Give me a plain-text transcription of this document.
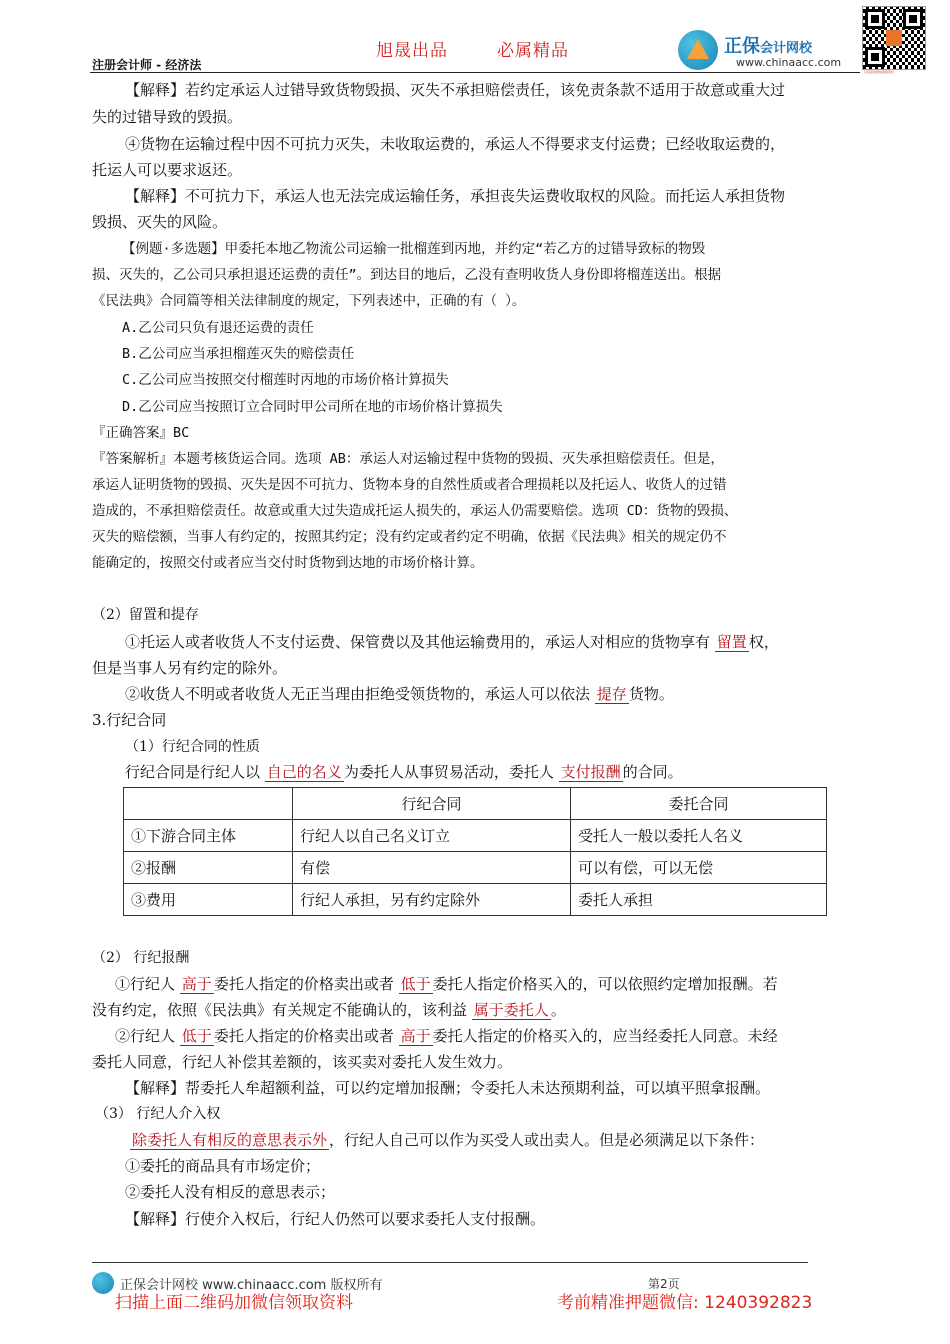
旭晟出品	必属精品
注册会计师 - 经济法
正保会计网校
www.chinaacc.com
扫码添加微信领取资料
【解释】若约定承运人过错导致货物毁损、灭失不承担赔偿责任，该免责条款不适用于故意或重大过
失的过错导致的毁损。
④货物在运输过程中因不可抗力灭失，未收取运费的，承运人不得要求支付运费；已经收取运费的，
托运人可以要求返还。
【解释】不可抗力下，承运人也无法完成运输任务，承担丧失运费收取权的风险。而托运人承担货物
毁损、灭失的风险。
【例题·多选题】甲委托本地乙物流公司运输一批榴莲到丙地，并约定“若乙方的过错导致标的物毁
损、灭失的，乙公司只承担退还运费的责任”。到达目的地后，乙没有查明收货人身份即将榴莲送出。根据
《民法典》合同篇等相关法律制度的规定，下列表述中，正确的有（ ）。
A.乙公司只负有退还运费的责任
B.乙公司应当承担榴莲灭失的赔偿责任
C.乙公司应当按照交付榴莲时丙地的市场价格计算损失
D.乙公司应当按照订立合同时甲公司所在地的市场价格计算损失
『正确答案』BC
『答案解析』本题考核货运合同。选项 AB：承运人对运输过程中货物的毁损、灭失承担赔偿责任。但是，
承运人证明货物的毁损、灭失是因不可抗力、货物本身的自然性质或者合理损耗以及托运人、收货人的过错
造成的，不承担赔偿责任。故意或重大过失造成托运人损失的，承运人仍需要赔偿。选项 CD：货物的毁损、
灭失的赔偿额，当事人有约定的，按照其约定；没有约定或者约定不明确，依据《民法典》相关的规定仍不
能确定的，按照交付或者应当交付时货物到达地的市场价格计算。
（2）留置和提存
①托运人或者收货人不支付运费、保管费以及其他运输费用的，承运人对相应的货物享有 留置 权，
但是当事人另有约定的除外。
②收货人不明或者收货人无正当理由拒绝受领货物的，承运人可以依法 提存 货物。
3.行纪合同
（1）行纪合同的性质
行纪合同是行纪人以 自己的名义 为委托人从事贸易活动，委托人 支付报酬 的合同。
	行纪合同	委托合同
①下游合同主体	行纪人以自己名义订立	受托人一般以委托人名义
②报酬	有偿	可以有偿，可以无偿
③费用	行纪人承担，另有约定除外	委托人承担
（2） 行纪报酬
①行纪人 高于 委托人指定的价格卖出或者 低于 委托人指定价格买入的，可以依照约定增加报酬。若
没有约定，依照《民法典》有关规定不能确认的，该利益 属于委托人 。
②行纪人 低于 委托人指定的价格卖出或者 高于 委托人指定的价格买入的，应当经委托人同意。未经
委托人同意，行纪人补偿其差额的，该买卖对委托人发生效力。
【解释】帮委托人牟超额利益，可以约定增加报酬；令委托人未达预期利益，可以填平照拿报酬。
（3） 行纪人介入权
除委托人有相反的意思表示外 ，行纪人自己可以作为买受人或出卖人。但是必须满足以下条件：
①委托的商品具有市场定价；
②委托人没有相反的意思表示；
【解释】行使介入权后，行纪人仍然可以要求委托人支付报酬。
正保会计网校 www.chinaacc.com 版权所有	第2页
扫描上面二维码加微信领取资料	考前精准押题微信: 1240392823
